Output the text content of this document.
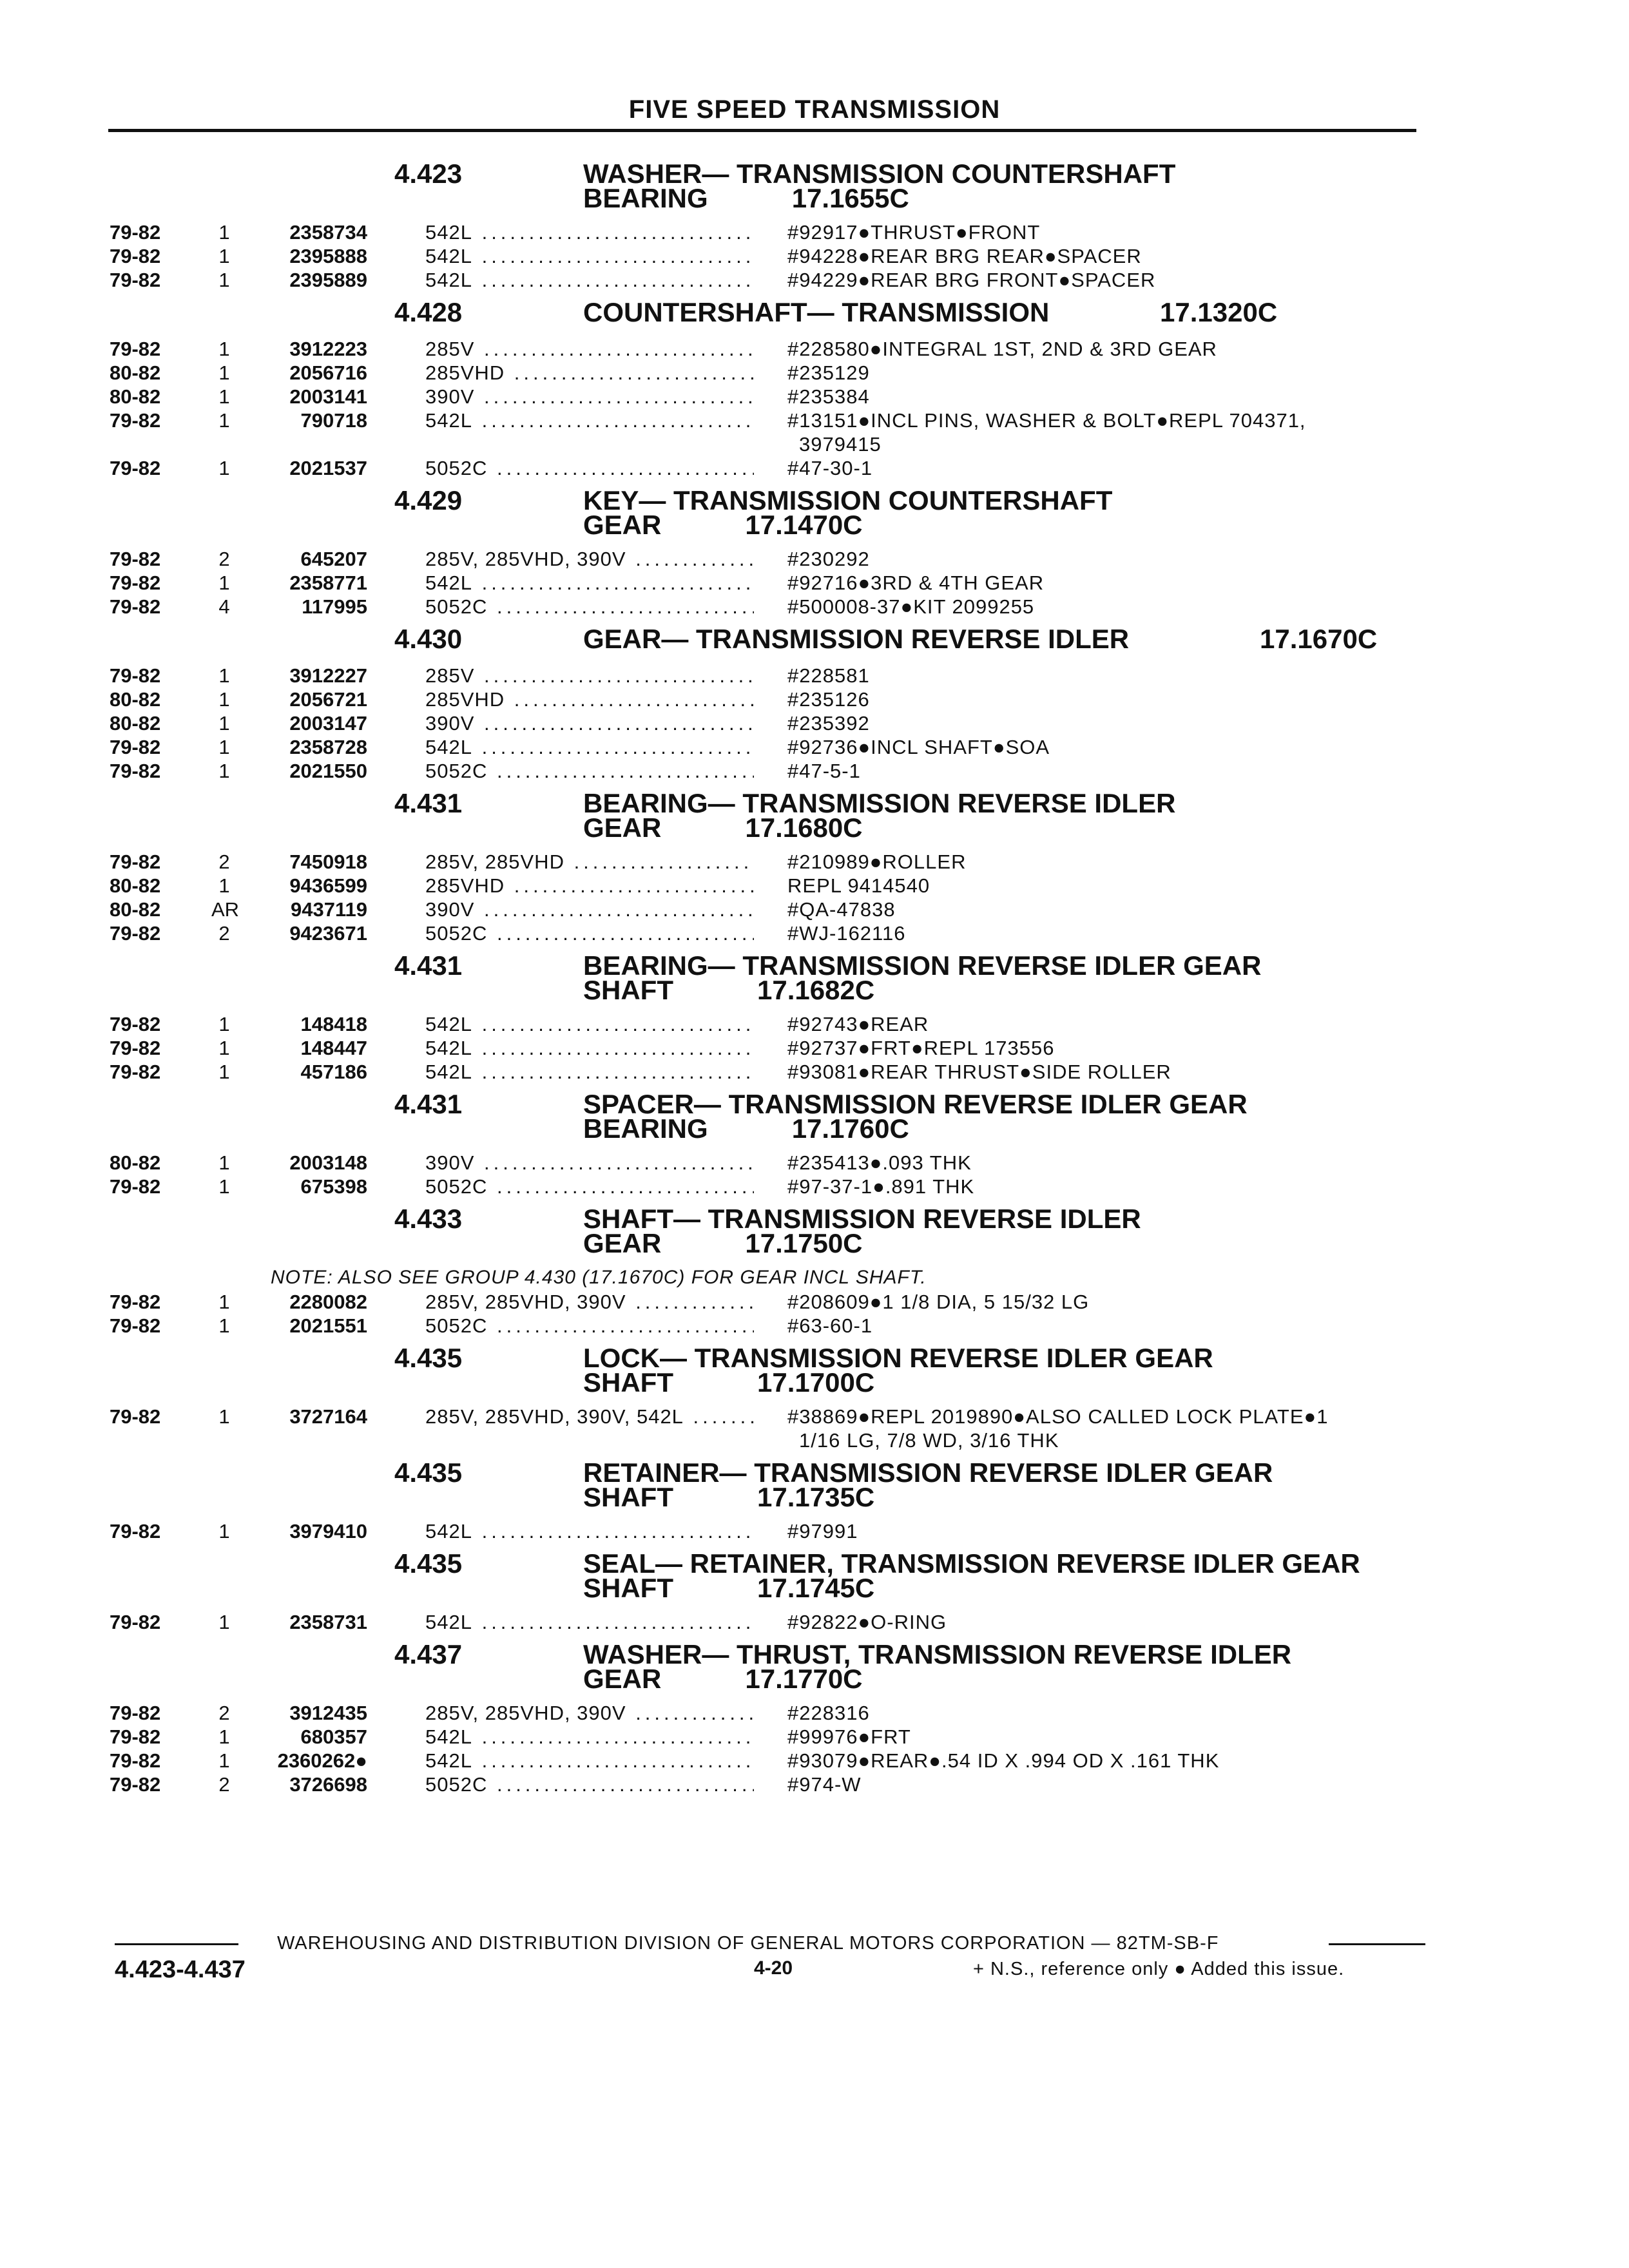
FIVE SPEED TRANSMISSION
4.423	WASHER— TRANSMISSION COUNTERSHAFT
BEARING	17.1655C
79-82	1	2358734	542L .....	#92917●THRUST●FRONT
79-82	1	2395888	542L .....	#94228●REAR BRG REAR●SPACER
79-82	1	2395889	542L .....	#94229●REAR BRG FRONT●SPACER
4.428	COUNTERSHAFT— TRANSMISSION	17.1320C
79-82	1	3912223	285V .....	#228580●INTEGRAL 1ST, 2ND & 3RD GEAR
80-82	1	2056716	285VHD .....	#235129
80-82	1	2003141	390V .....	#235384
79-82	1	790718	542L .....	#13151●INCL PINS, WASHER & BOLT●REPL 704371,
3979415
79-82	1	2021537	5052C .....	#47-30-1
4.429	KEY— TRANSMISSION COUNTERSHAFT
GEAR	17.1470C
79-82	2	645207	285V, 285VHD, 390V .....	#230292
79-82	1	2358771	542L .....	#92716●3RD & 4TH GEAR
79-82	4	117995	5052C .....	#500008-37●KIT 2099255
4.430	GEAR— TRANSMISSION REVERSE IDLER	17.1670C
79-82	1	3912227	285V .....	#228581
80-82	1	2056721	285VHD .....	#235126
80-82	1	2003147	390V .....	#235392
79-82	1	2358728	542L .....	#92736●INCL SHAFT●SOA
79-82	1	2021550	5052C .....	#47-5-1
4.431	BEARING— TRANSMISSION REVERSE IDLER
GEAR	17.1680C
79-82	2	7450918	285V, 285VHD .....	#210989●ROLLER
80-82	1	9436599	285VHD .....	REPL 9414540
80-82	AR	9437119	390V .....	#QA-47838
79-82	2	9423671	5052C .....	#WJ-162116
4.431	BEARING— TRANSMISSION REVERSE IDLER GEAR
SHAFT	17.1682C
79-82	1	148418	542L .....	#92743●REAR
79-82	1	148447	542L .....	#92737●FRT●REPL 173556
79-82	1	457186	542L .....	#93081●REAR THRUST●SIDE ROLLER
4.431	SPACER— TRANSMISSION REVERSE IDLER GEAR
BEARING	17.1760C
80-82	1	2003148	390V .....	#235413●.093 THK
79-82	1	675398	5052C .....	#97-37-1●.891 THK
4.433	SHAFT— TRANSMISSION REVERSE IDLER
GEAR	17.1750C
NOTE: ALSO SEE GROUP 4.430 (17.1670C) FOR GEAR INCL SHAFT.
79-82	1	2280082	285V, 285VHD, 390V .....	#208609●1 1/8 DIA, 5 15/32 LG
79-82	1	2021551	5052C .....	#63-60-1
4.435	LOCK— TRANSMISSION REVERSE IDLER GEAR
SHAFT	17.1700C
79-82	1	3727164	285V, 285VHD, 390V, 542L .....	#38869●REPL 2019890●ALSO CALLED LOCK PLATE●1
1/16 LG, 7/8 WD, 3/16 THK
4.435	RETAINER— TRANSMISSION REVERSE IDLER GEAR
SHAFT	17.1735C
79-82	1	3979410	542L .....	#97991
4.435	SEAL— RETAINER, TRANSMISSION REVERSE IDLER GEAR
SHAFT	17.1745C
79-82	1	2358731	542L .....	#92822●O-RING
4.437	WASHER— THRUST, TRANSMISSION REVERSE IDLER
GEAR	17.1770C
79-82	2	3912435	285V, 285VHD, 390V .....	#228316
79-82	1	680357	542L .....	#99976●FRT
79-82	1	2360262●	542L .....	#93079●REAR●.54 ID X .994 OD X .161 THK
79-82	2	3726698	5052C .....	#974-W
WAREHOUSING AND DISTRIBUTION DIVISION OF GENERAL MOTORS CORPORATION — 82TM-SB-F
4.423-4.437	4-20	+ N.S., reference only ● Added this issue.
